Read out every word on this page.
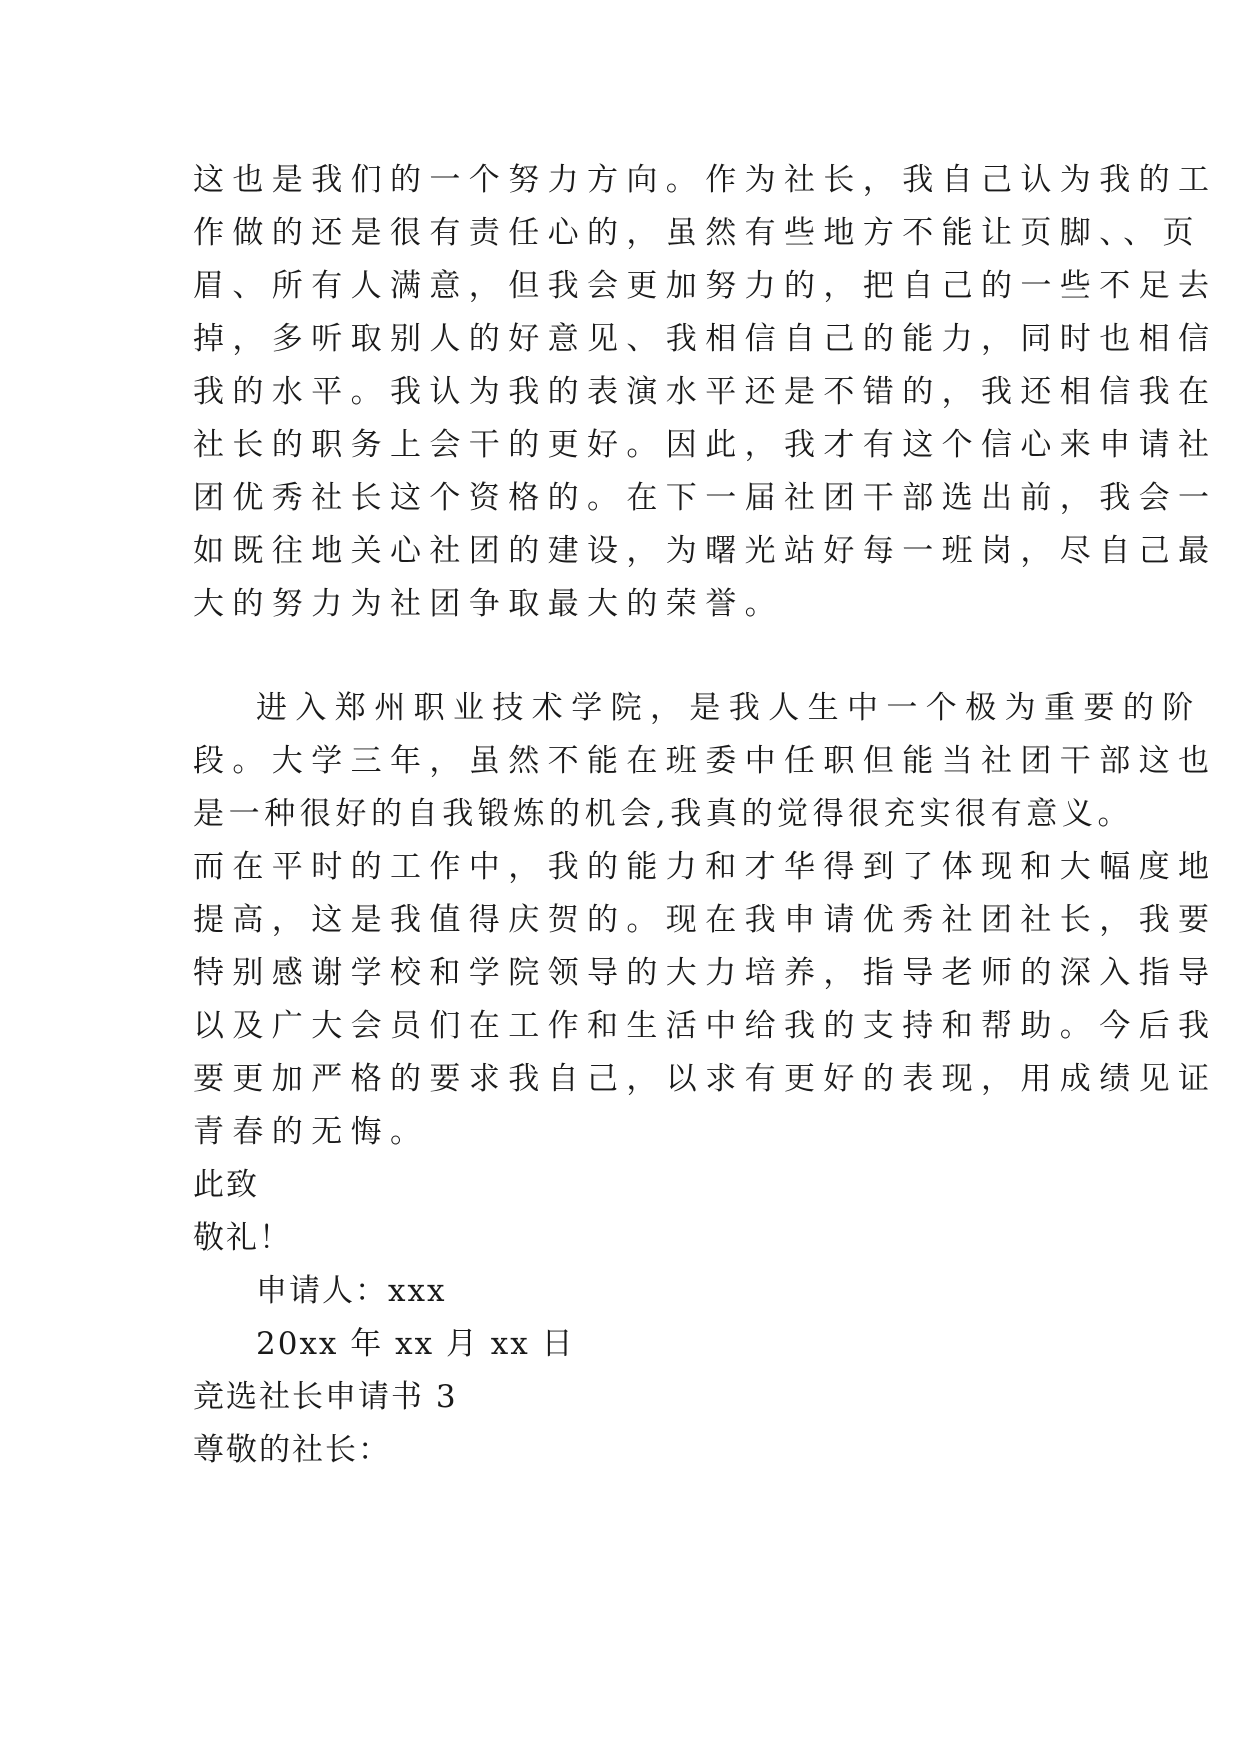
这也是我们的一个努力方向。作为社长，我自己认为我的工
作做的还是很有责任心的，虽然有些地方不能让页脚、、页
眉、所有人满意，但我会更加努力的，把自己的一些不足去
掉，多听取别人的好意见、我相信自己的能力，同时也相信
我的水平。我认为我的表演水平还是不错的，我还相信我在
社长的职务上会干的更好。因此，我才有这个信心来申请社
团优秀社长这个资格的。在下一届社团干部选出前，我会一
如既往地关心社团的建设，为曙光站好每一班岗，尽自己最
大的努力为社团争取最大的荣誉。
进入郑州职业技术学院，是我人生中一个极为重要的阶
段。大学三年，虽然不能在班委中任职但能当社团干部这也
是一种很好的自我锻炼的机会,我真的觉得很充实很有意义。
而在平时的工作中，我的能力和才华得到了体现和大幅度地
提高，这是我值得庆贺的。现在我申请优秀社团社长，我要
特别感谢学校和学院领导的大力培养，指导老师的深入指导
以及广大会员们在工作和生活中给我的支持和帮助。今后我
要更加严格的要求我自己，以求有更好的表现，用成绩见证
青春的无悔。
此致
敬礼！
申请人：xxx
20xx 年 xx 月 xx 日
竞选社长申请书 3
尊敬的社长：
